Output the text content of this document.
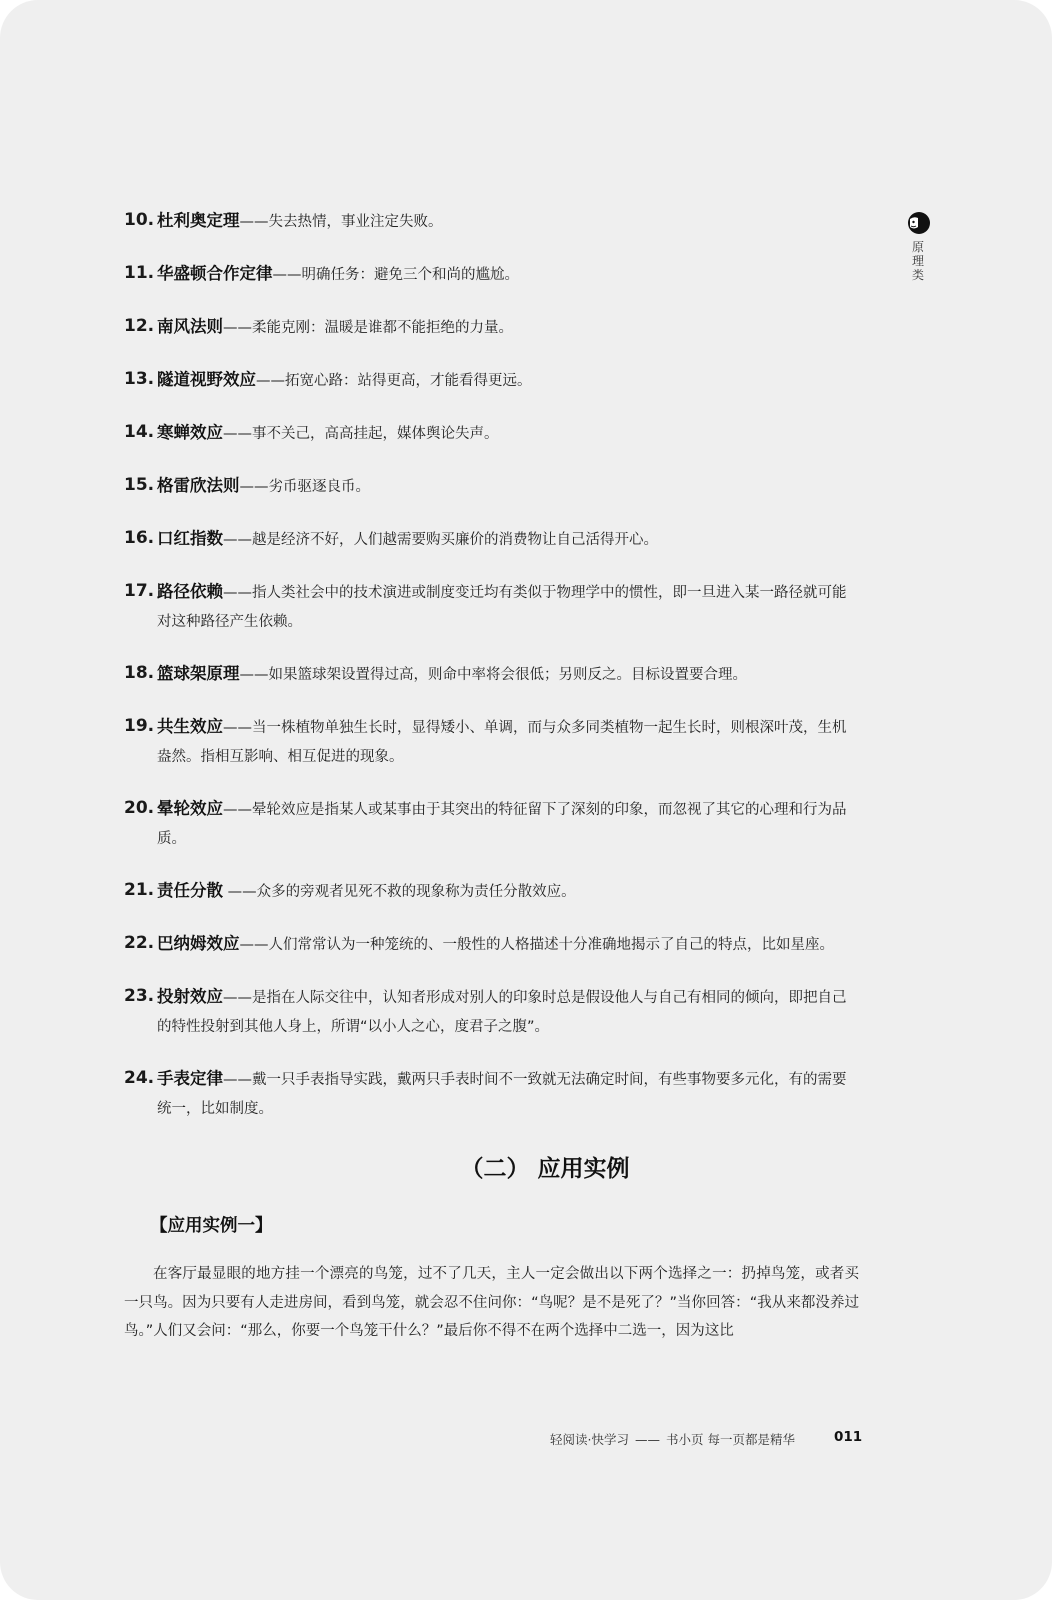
原理类
10. 杜利奥定理——失去热情，事业注定失败。
11. 华盛顿合作定律——明确任务：避免三个和尚的尴尬。
12. 南风法则——柔能克刚：温暖是谁都不能拒绝的力量。
13. 隧道视野效应——拓宽心路：站得更高，才能看得更远。
14. 寒蝉效应——事不关己，高高挂起，媒体舆论失声。
15. 格雷欣法则——劣币驱逐良币。
16. 口红指数——越是经济不好，人们越需要购买廉价的消费物让自己活得开心。
17. 路径依赖——指人类社会中的技术演进或制度变迁均有类似于物理学中的惯性，即一旦进入某一路径就可能对这种路径产生依赖。
18. 篮球架原理——如果篮球架设置得过高，则命中率将会很低；另则反之。目标设置要合理。
19. 共生效应——当一株植物单独生长时，显得矮小、单调，而与众多同类植物一起生长时，则根深叶茂，生机盎然。指相互影响、相互促进的现象。
20. 晕轮效应——晕轮效应是指某人或某事由于其突出的特征留下了深刻的印象，而忽视了其它的心理和行为品质。
21. 责任分散 ——众多的旁观者见死不救的现象称为责任分散效应。
22. 巴纳姆效应——人们常常认为一种笼统的、一般性的人格描述十分准确地揭示了自己的特点，比如星座。
23. 投射效应——是指在人际交往中，认知者形成对别人的印象时总是假设他人与自己有相同的倾向，即把自己的特性投射到其他人身上，所谓“以小人之心，度君子之腹”。
24. 手表定律——戴一只手表指导实践，戴两只手表时间不一致就无法确定时间，有些事物要多元化，有的需要统一，比如制度。
（二） 应用实例
【应用实例一】
在客厅最显眼的地方挂一个漂亮的鸟笼，过不了几天，主人一定会做出以下两个选择之一：扔掉鸟笼，或者买一只鸟。因为只要有人走进房间，看到鸟笼，就会忍不住问你：“鸟呢？是不是死了？”当你回答：“我从来都没养过鸟。”人们又会问：“那么，你要一个鸟笼干什么？”最后你不得不在两个选择中二选一，因为这比
轻阅读·快学习 —— 书小页 每一页都是精华	011
